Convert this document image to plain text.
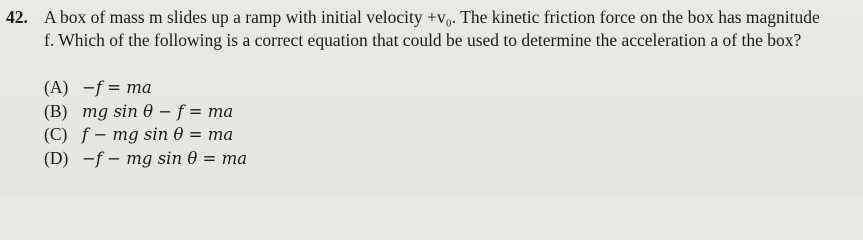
42. A box of mass m slides up a ramp with initial velocity +v₀. The kinetic friction force on the box has magnitude
f. Which of the following is a correct equation that could be used to determine the acceleration a of the box?
(A) −f = ma
(B) mg sin θ − f = ma
(C) f − mg sin θ = ma
(D) −f − mg sin θ = ma
